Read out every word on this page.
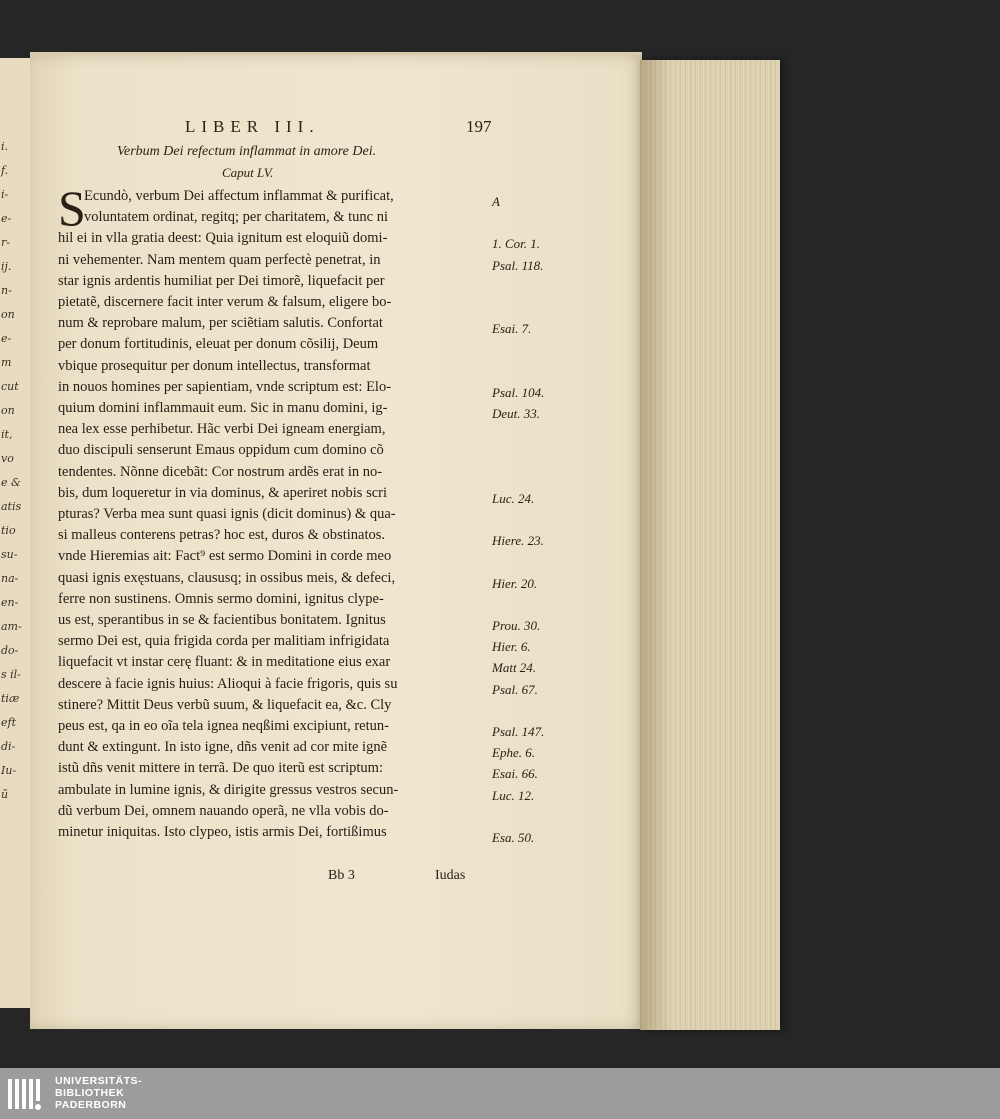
i.
f.
i-
e-
r-
ij.
n-
on
e-
m
cut
on
it,
vo
e &
atis
tio
su-
na-
en-
am-
do-
s il-
tiæ
eft
di-
Iu-
ũ
LIBER III.	197
Verbum Dei refectum inflammat in amore Dei.
Caput LV.
S
Ecundò, verbum Dei affectum inflammat & purificat,
voluntatem ordinat, regitq; per charitatem, & tunc ni
hil ei in vlla gratia deest: Quia ignitum est eloquiũ domi-
ni vehementer. Nam mentem quam perfectè penetrat, in
star ignis ardentis humiliat per Dei timorẽ, liquefacit per
pietatẽ, discernere facit inter verum & falsum, eligere bo-
num & reprobare malum, per sciẽtiam salutis. Confortat
per donum fortitudinis, eleuat per donum cõsilij, Deum
vbique prosequitur per donum intellectus, transformat
in nouos homines per sapientiam, vnde scriptum est: Elo-
quium domini inflammauit eum. Sic in manu domini, ig-
nea lex esse perhibetur. Hãc verbi Dei igneam energiam,
duo discipuli senserunt Emaus oppidum cum domino cõ
tendentes. Nõnne dicebãt: Cor nostrum ardẽs erat in no-
bis, dum loqueretur in via dominus, & aperiret nobis scri
pturas? Verba mea sunt quasi ignis (dicit dominus) & qua-
si malleus conterens petras? hoc est, duros & obstinatos.
vnde Hieremias ait: Fact⁹ est sermo Domini in corde meo
quasi ignis exęstuans, claususq; in ossibus meis, & defeci,
ferre non sustinens. Omnis sermo domini, ignitus clype-
us est, sperantibus in se & facientibus bonitatem. Ignitus
sermo Dei est, quia frigida corda per malitiam infrigidata
liquefacit vt instar cerę fluant: & in meditatione eius exar
descere à facie ignis huius: Alioqui à facie frigoris, quis su
stinere? Mittit Deus verbũ suum, & liquefacit ea, &c. Cly
peus est, qa in eo oĩa tela ignea neqßimi excipiunt, retun-
dunt & extingunt. In isto igne, dñs venit ad cor mite ignẽ
istũ dñs venit mittere in terrã. De quo iterũ est scriptum:
ambulate in lumine ignis, & dirigite gressus vestros secun-
dũ verbum Dei, omnem nauando operã, ne vlla vobis do-
minetur iniquitas. Isto clypeo, istis armis Dei, fortißimus
A
1. Cor. 1.
Psal. 118.
Esai. 7.
Psal. 104.
Deut. 33.
Luc. 24.
Hiere. 23.
Hier. 20.
Prou. 30.
Hier. 6.
Matt 24.
Psal. 67.
Psal. 147.
Ephe. 6.
Esai. 66.
Luc. 12.
Esa. 50.
Bb 3	Iudas
UNIVERSITÄTS-
BIBLIOTHEK
PADERBORN
